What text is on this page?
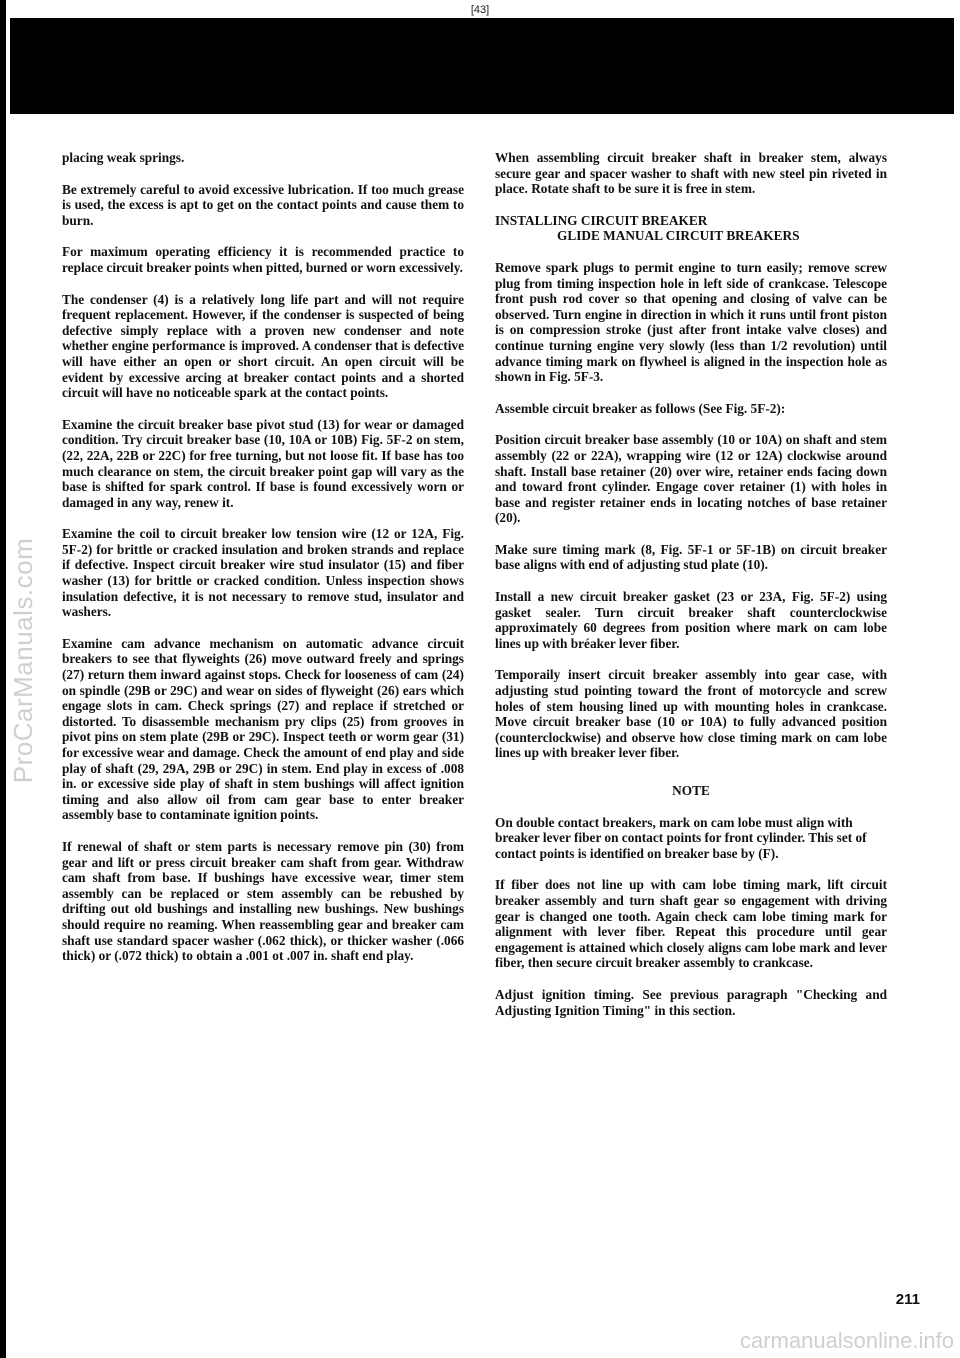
[43]
ProCarManuals.com

placing weak springs.

Be extremely careful to avoid excessive lubrication. If too much grease is used, the excess is apt to get on the contact points and cause them to burn.

For maximum operating efficiency it is recommended practice to replace circuit breaker points when pitted, burned or worn excessively.

The condenser (4) is a relatively long life part and will not require frequent replacement. However, if the condenser is suspected of being defective simply replace with a proven new condenser and note whether engine performance is improved. A condenser that is defective will have either an open or short circuit. An open circuit will be evident by excessive arcing at breaker contact points and a shorted circuit will have no noticeable spark at the contact points.

Examine the circuit breaker base pivot stud (13) for wear or damaged condition. Try circuit breaker base (10, 10A or 10B) Fig. 5F-2 on stem, (22, 22A, 22B or 22C) for free turning, but not loose fit. If base has too much clearance on stem, the circuit breaker point gap will vary as the base is shifted for spark control. If base is found excessively worn or damaged in any way, renew it.

Examine the coil to circuit breaker low tension wire (12 or 12A, Fig. 5F-2) for brittle or cracked insulation and broken strands and replace if defective. Inspect circuit breaker wire stud insulator (15) and fiber washer (13) for brittle or cracked condition. Unless inspection shows insulation defective, it is not necessary to remove stud, insulator and washers.

Examine cam advance mechanism on automatic advance circuit breakers to see that flyweights (26) move outward freely and springs (27) return them inward against stops. Check for looseness of cam (24) on spindle (29B or 29C) and wear on sides of flyweight (26) ears which engage slots in cam. Check springs (27) and replace if stretched or distorted. To disassemble mechanism pry clips (25) from grooves in pivot pins on stem plate (29B or 29C). Inspect teeth or worm gear (31) for excessive wear and damage. Check the amount of end play and side play of shaft (29, 29A, 29B or 29C) in stem. End play in excess of .008 in. or excessive side play of shaft in stem bushings will affect ignition timing and also allow oil from cam gear base to enter breaker assembly base to contaminate ignition points.

If renewal of shaft or stem parts is necessary remove pin (30) from gear and lift or press circuit breaker cam shaft from gear. Withdraw cam shaft from base. If bushings have excessive wear, timer stem assembly can be replaced or stem assembly can be rebushed by drifting out old bushings and installing new bushings. New bushings should require no reaming. When reassembling gear and breaker cam shaft use standard spacer washer (.062 thick), or thicker washer (.066 thick) or (.072 thick) to obtain a .001 ot .007 in. shaft end play.

When assembling circuit breaker shaft in breaker stem, always secure gear and spacer washer to shaft with new steel pin riveted in place. Rotate shaft to be sure it is free in stem.

INSTALLING CIRCUIT BREAKER
GLIDE MANUAL CIRCUIT BREAKERS

Remove spark plugs to permit engine to turn easily; remove screw plug from timing inspection hole in left side of crankcase. Telescope front push rod cover so that opening and closing of valve can be observed. Turn engine in direction in which it runs until front piston is on compression stroke (just after front intake valve closes) and continue turning engine very slowly (less than 1/2 revolution) until advance timing mark on flywheel is aligned in the inspection hole as shown in Fig. 5F-3.

Assemble circuit breaker as follows (See Fig. 5F-2):

Position circuit breaker base assembly (10 or 10A) on shaft and stem assembly (22 or 22A), wrapping wire (12 or 12A) clockwise around shaft. Install base retainer (20) over wire, retainer ends facing down and toward front cylinder. Engage cover retainer (1) with holes in base and register retainer ends in locating notches of base retainer (20).

Make sure timing mark (8, Fig. 5F-1 or 5F-1B) on circuit breaker base aligns with end of adjusting stud plate (10).

Install a new circuit breaker gasket (23 or 23A, Fig. 5F-2) using gasket sealer. Turn circuit breaker shaft counterclockwise approximately 60 degrees from position where mark on cam lobe lines up with bréaker lever fiber.

Temporaily insert circuit breaker assembly into gear case, with adjusting stud pointing toward the front of motorcycle and screw holes of stem housing lined up with mounting holes in crankcase. Move circuit breaker base (10 or 10A) to fully advanced position (counterclockwise) and observe how close timing mark on cam lobe lines up with breaker lever fiber.

NOTE

On double contact breakers, mark on cam lobe must align with breaker lever fiber on contact points for front cylinder. This set of contact points is identified on breaker base by (F).

If fiber does not line up with cam lobe timing mark, lift circuit breaker assembly and turn shaft gear so engagement with driving gear is changed one tooth. Again check cam lobe timing mark for alignment with lever fiber. Repeat this procedure until gear engagement is attained which closely aligns cam lobe mark and lever fiber, then secure circuit breaker assembly to crankcase.

Adjust ignition timing. See previous paragraph "Checking and Adjusting Ignition Timing" in this section.

211
carmanualsonline.info
